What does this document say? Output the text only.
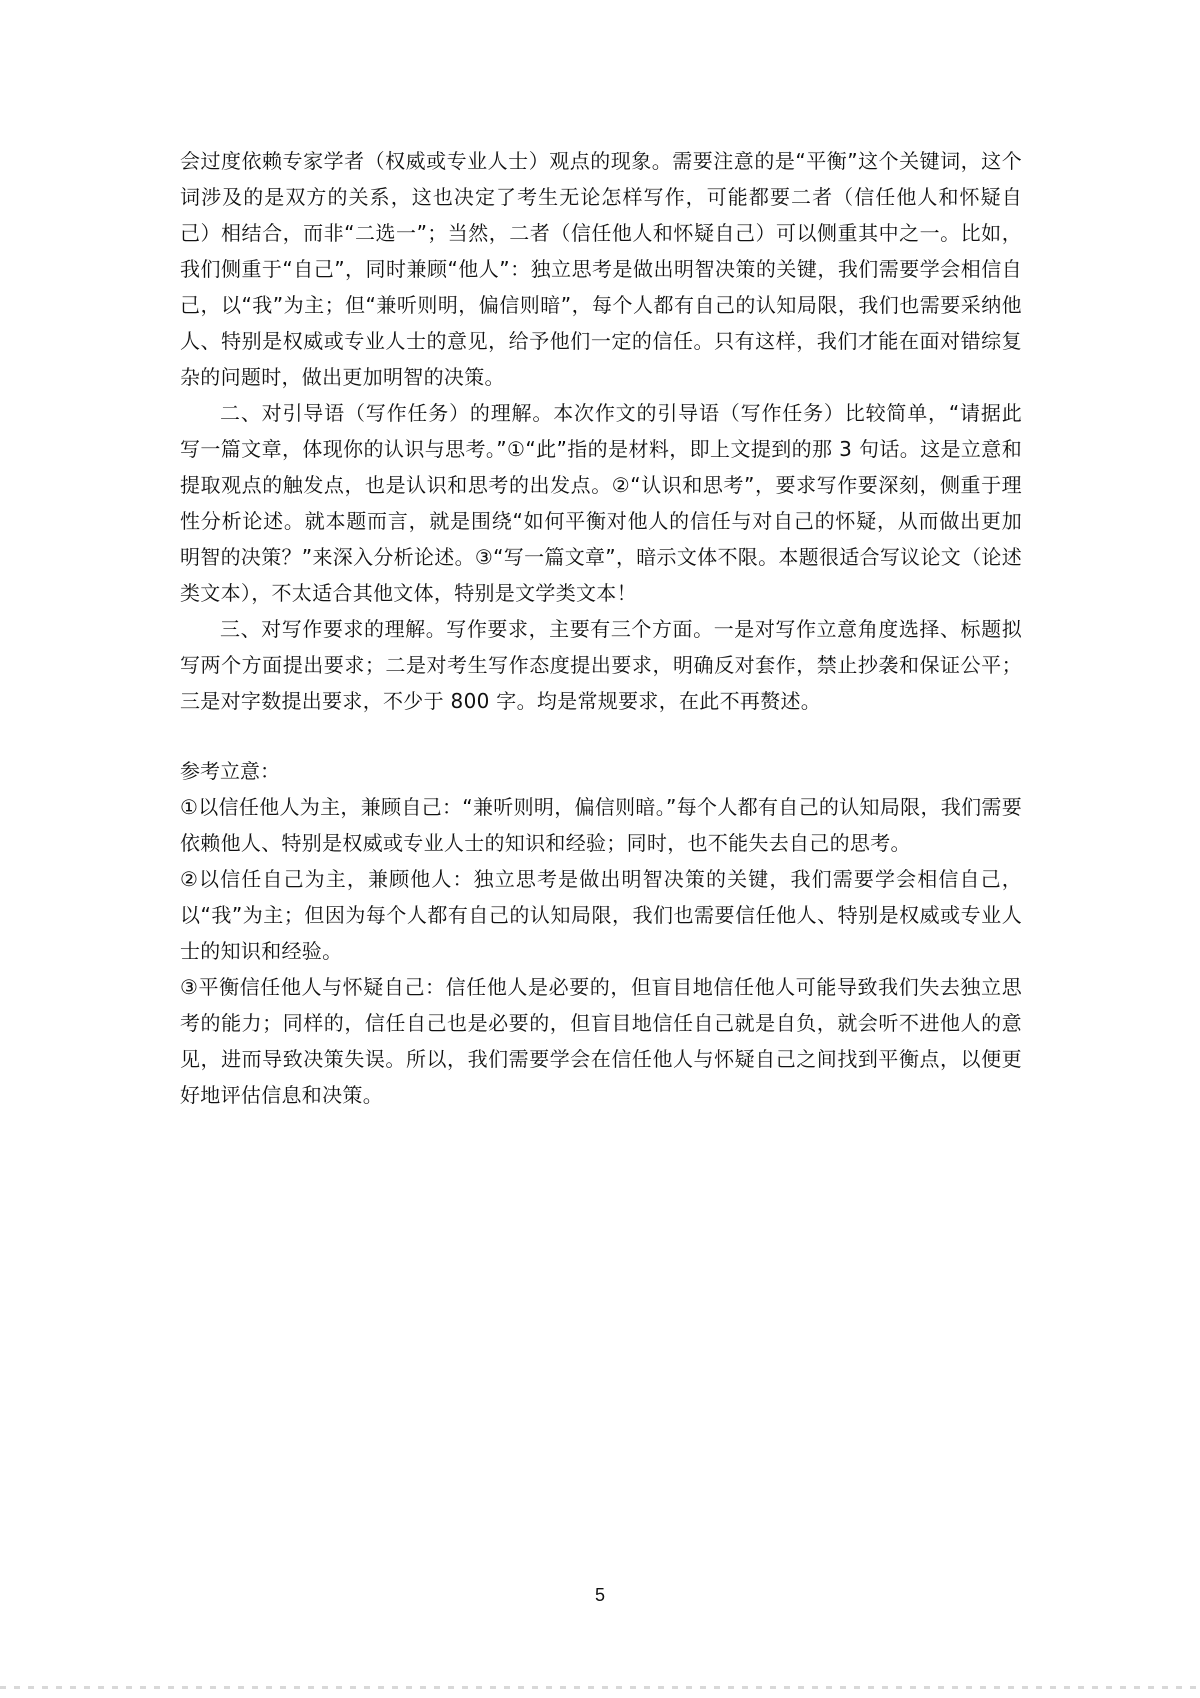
会过度依赖专家学者（权威或专业人士）观点的现象。需要注意的是“平衡”这个关键词，这个词涉及的是双方的关系，这也决定了考生无论怎样写作，可能都要二者（信任他人和怀疑自己）相结合，而非“二选一”；当然，二者（信任他人和怀疑自己）可以侧重其中之一。比如，我们侧重于“自己”，同时兼顾“他人”：独立思考是做出明智决策的关键，我们需要学会相信自己，以“我”为主；但“兼听则明，偏信则暗”，每个人都有自己的认知局限，我们也需要采纳他人、特别是权威或专业人士的意见，给予他们一定的信任。只有这样，我们才能在面对错综复杂的问题时，做出更加明智的决策。

二、对引导语（写作任务）的理解。本次作文的引导语（写作任务）比较简单，“请据此写一篇文章，体现你的认识与思考。”①“此”指的是材料，即上文提到的那 3 句话。这是立意和提取观点的触发点，也是认识和思考的出发点。②“认识和思考”，要求写作要深刻，侧重于理性分析论述。就本题而言，就是围绕“如何平衡对他人的信任与对自己的怀疑，从而做出更加明智的决策？”来深入分析论述。③“写一篇文章”，暗示文体不限。本题很适合写议论文（论述类文本），不太适合其他文体，特别是文学类文本！

三、对写作要求的理解。写作要求，主要有三个方面。一是对写作立意角度选择、标题拟写两个方面提出要求；二是对考生写作态度提出要求，明确反对套作，禁止抄袭和保证公平；三是对字数提出要求，不少于 800 字。均是常规要求，在此不再赘述。

参考立意：

①以信任他人为主，兼顾自己：“兼听则明，偏信则暗。”每个人都有自己的认知局限，我们需要依赖他人、特别是权威或专业人士的知识和经验；同时，也不能失去自己的思考。

②以信任自己为主，兼顾他人：独立思考是做出明智决策的关键，我们需要学会相信自己，以“我”为主；但因为每个人都有自己的认知局限，我们也需要信任他人、特别是权威或专业人士的知识和经验。

③平衡信任他人与怀疑自己：信任他人是必要的，但盲目地信任他人可能导致我们失去独立思考的能力；同样的，信任自己也是必要的，但盲目地信任自己就是自负，就会听不进他人的意见，进而导致决策失误。所以，我们需要学会在信任他人与怀疑自己之间找到平衡点，以便更好地评估信息和决策。

5
